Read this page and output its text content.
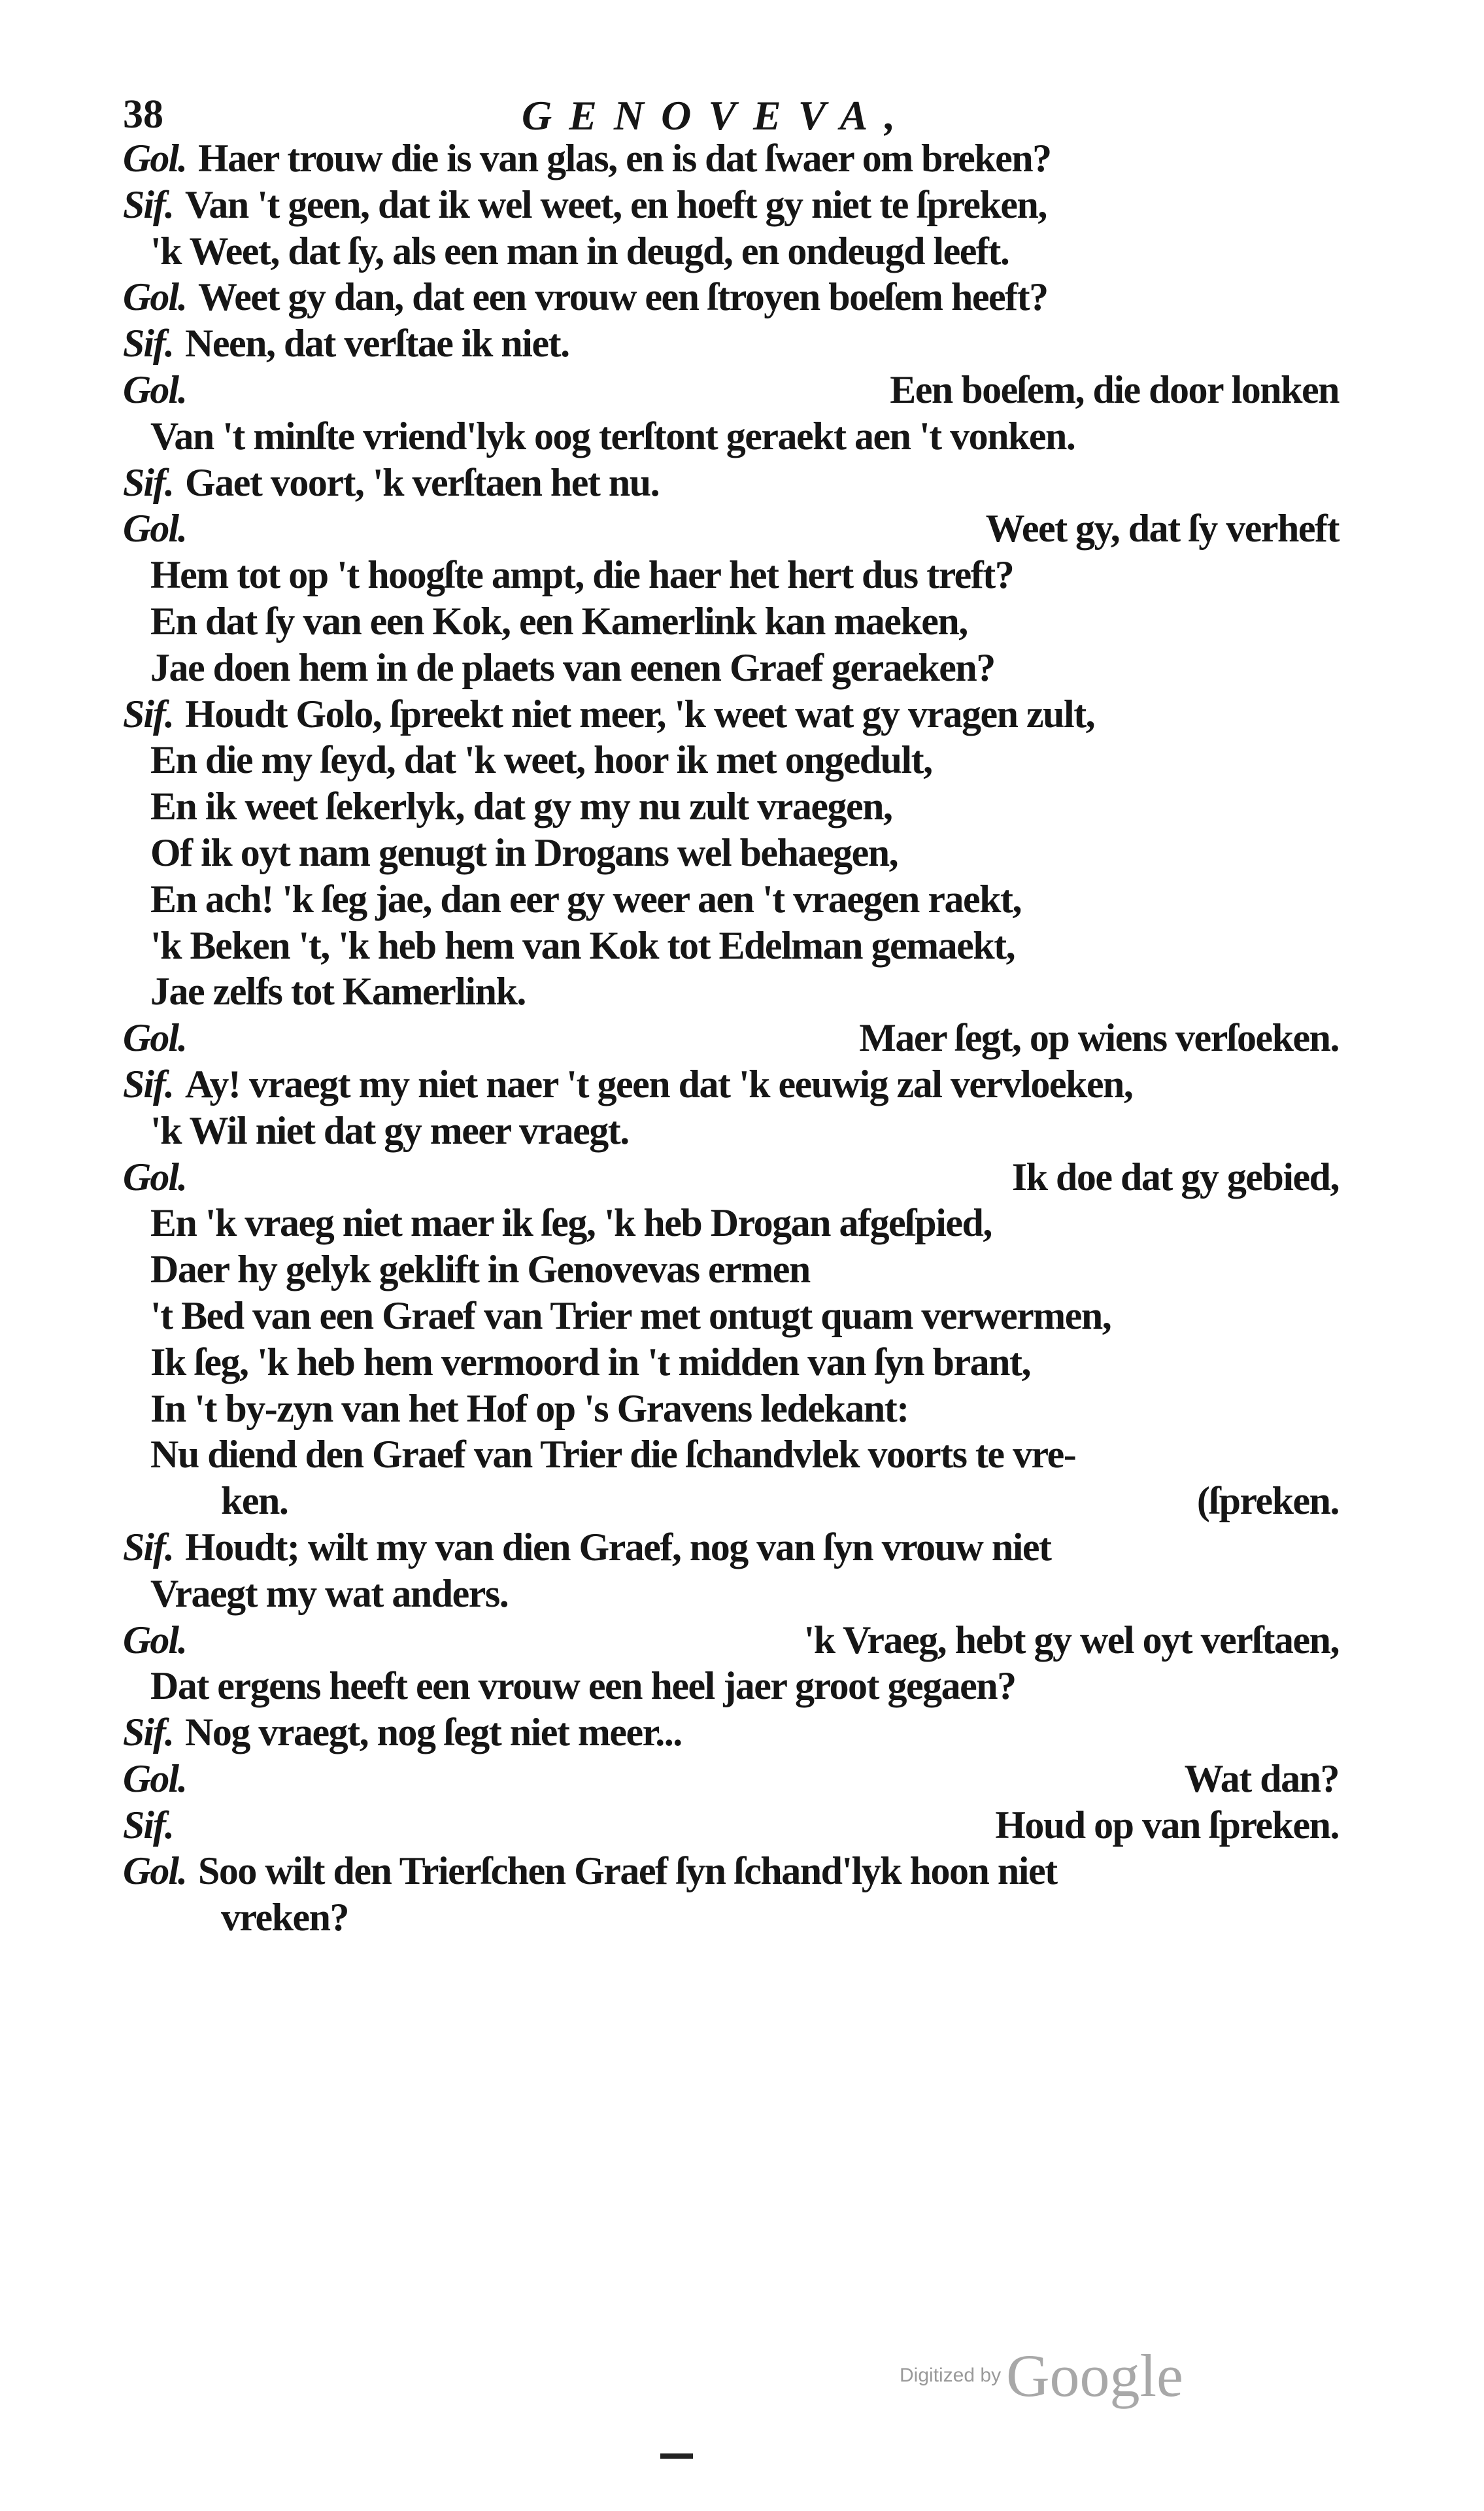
38	GENOVEVA,
Gol. Haer trouw die is van glas, en is dat ſwaer om breken?
Sif. Van 't geen, dat ik wel weet, en hoeft gy niet te ſpreken,
'k Weet, dat ſy, als een man in deugd, en ondeugd leeft.
Gol. Weet gy dan, dat een vrouw een ſtroyen boeſem heeft?
Sif. Neen, dat verſtae ik niet.
Gol.	Een boeſem, die door lonken
Van 't minſte vriend'lyk oog terſtont geraekt aen 't vonken.
Sif. Gaet voort, 'k verſtaen het nu.
Gol.	Weet gy, dat ſy verheft
Hem tot op 't hoogſte ampt, die haer het hert dus treft?
En dat ſy van een Kok, een Kamerlink kan maeken,
Jae doen hem in de plaets van eenen Graef geraeken?
Sif. Houdt Golo, ſpreekt niet meer, 'k weet wat gy vragen zult,
En die my ſeyd, dat 'k weet, hoor ik met ongedult,
En ik weet ſekerlyk, dat gy my nu zult vraegen,
Of ik oyt nam genugt in Drogans wel behaegen,
En ach! 'k ſeg jae, dan eer gy weer aen 't vraegen raekt,
'k Beken 't, 'k heb hem van Kok tot Edelman gemaekt,
Jae zelfs tot Kamerlink.
Gol.	Maer ſegt, op wiens verſoeken.
Sif. Ay! vraegt my niet naer 't geen dat 'k eeuwig zal vervloeken,
'k Wil niet dat gy meer vraegt.
Gol.	Ik doe dat gy gebied,
En 'k vraeg niet maer ik ſeg, 'k heb Drogan afgeſpied,
Daer hy gelyk geklift in Genovevas ermen
't Bed van een Graef van Trier met ontugt quam verwermen,
Ik ſeg, 'k heb hem vermoord in 't midden van ſyn brant,
In 't by-zyn van het Hof op 's Gravens ledekant:
Nu diend den Graef van Trier die ſchandvlek voorts te vre-
ken.	(ſpreken.
Sif. Houdt; wilt my van dien Graef, nog van ſyn vrouw niet
Vraegt my wat anders.
Gol.	'k Vraeg, hebt gy wel oyt verſtaen,
Dat ergens heeft een vrouw een heel jaer groot gegaen?
Sif. Nog vraegt, nog ſegt niet meer...
Gol.	Wat dan?
Sif.	Houd op van ſpreken.
Gol. Soo wilt den Trierſchen Graef ſyn ſchand'lyk hoon niet
vreken?
Digitized byGoogle
